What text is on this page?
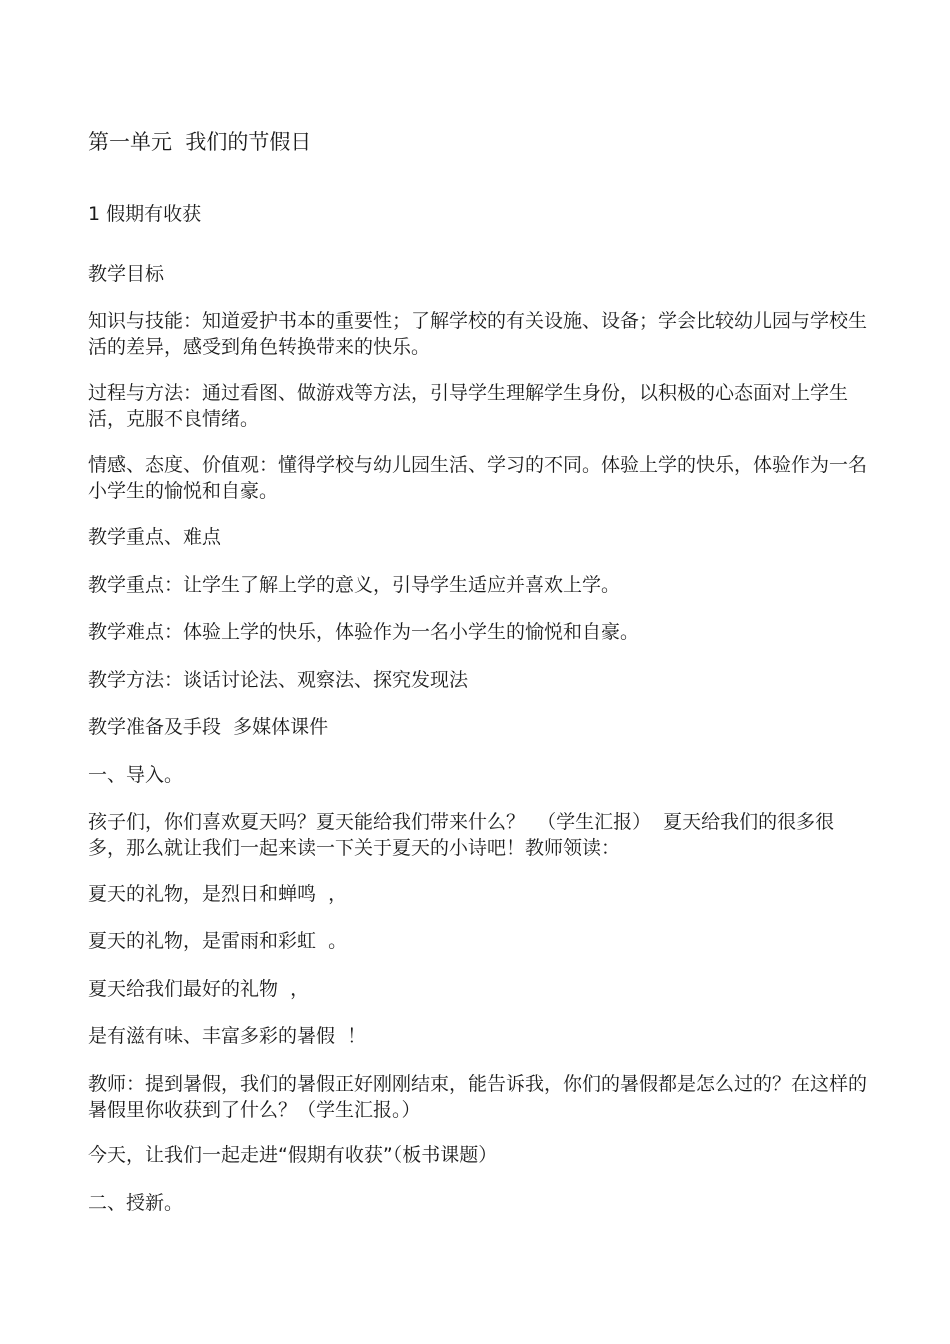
第一单元  我们的节假日

1 假期有收获

教学目标

知识与技能：知道爱护书本的重要性；了解学校的有关设施、设备；学会比较幼儿园与学校生活的差异，感受到角色转换带来的快乐。

过程与方法：通过看图、做游戏等方法，引导学生理解学生身份，以积极的心态面对上学生活，克服不良情绪。

情感、态度、价值观：懂得学校与幼儿园生活、学习的不同。体验上学的快乐，体验作为一名小学生的愉悦和自豪。

教学重点、难点

教学重点：让学生了解上学的意义，引导学生适应并喜欢上学。

教学难点：体验上学的快乐，体验作为一名小学生的愉悦和自豪。

教学方法：谈话讨论法、观察法、探究发现法

教学准备及手段  多媒体课件

一、导入。

孩子们，你们喜欢夏天吗？夏天能给我们带来什么？  （学生汇报）  夏天给我们的很多很多，那么就让我们一起来读一下关于夏天的小诗吧！教师领读：

夏天的礼物，是烈日和蝉鸣  ，

夏天的礼物，是雷雨和彩虹  。

夏天给我们最好的礼物  ，

是有滋有味、丰富多彩的暑假  ！

教师：提到暑假，我们的暑假正好刚刚结束，能告诉我，你们的暑假都是怎么过的？在这样的暑假里你收获到了什么？（学生汇报。）

今天，让我们一起走进“假期有收获”（板书课题）

二、授新。
